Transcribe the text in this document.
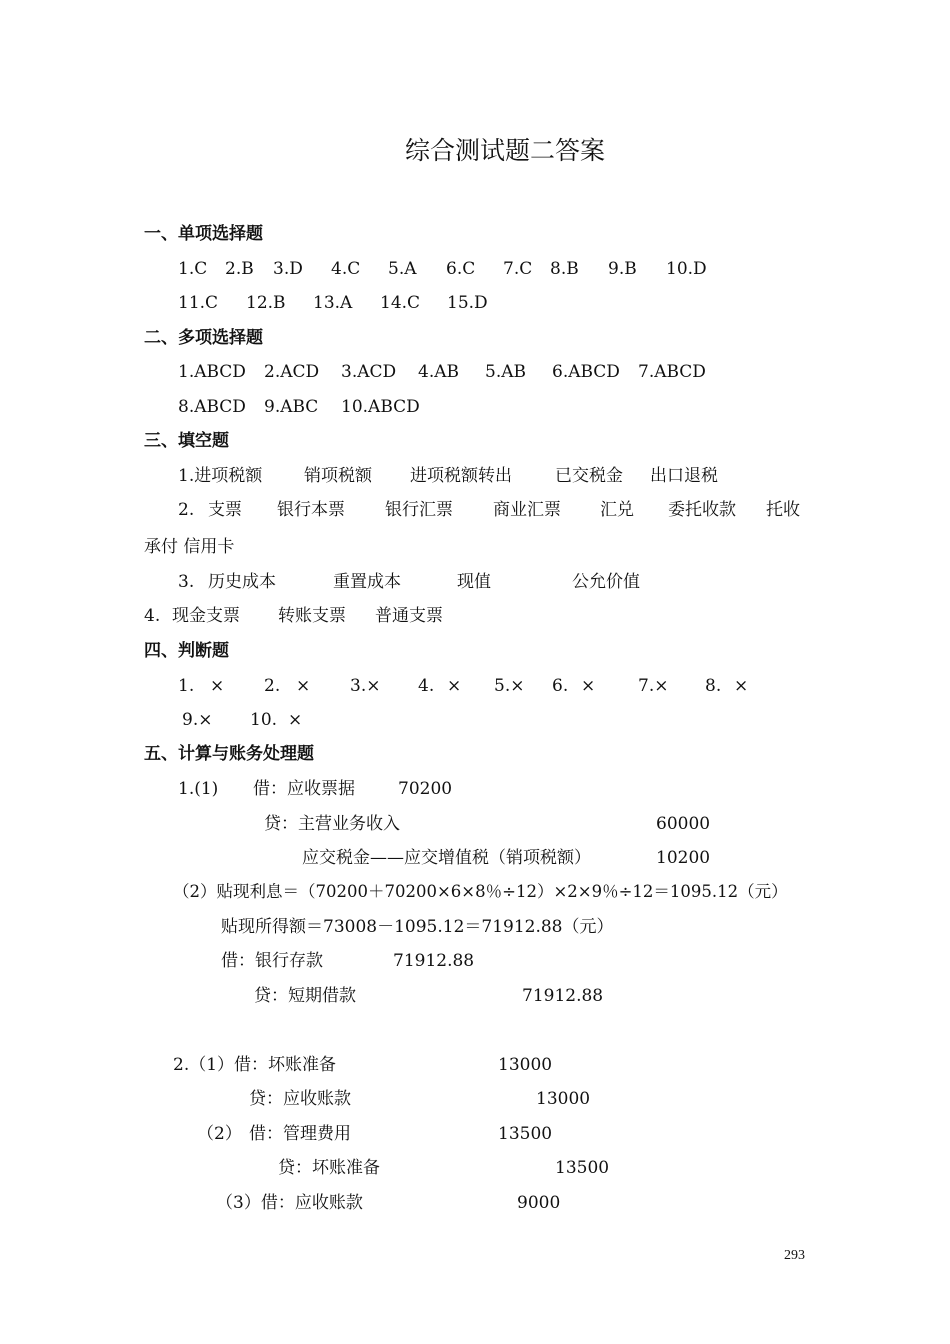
综合测试题二答案
一、单项选择题
1.C 2.B 3.D 4.C 5.A 6.C 7.C 8.B 9.B 10.D
11.C 12.B 13.A 14.C 15.D
二、多项选择题
1.ABCD 2.ACD 3.ACD 4.AB 5.AB 6.ABCD 7.ABCD
8.ABCD 9.ABC 10.ABCD
三、填空题
1.进项税额 销项税额 进项税额转出	已交税金 出口退税
2. 支票 银行本票 银行汇票 商业汇票 汇兑 委托收款 托收
承付 信用卡
3. 历史成本	重置成本	现值	公允价值
4. 现金支票 转账支票 普通支票
四、判断题
1. × 2. × 3.× 4. × 5.× 6. ×	7.× 8. ×
9.× 10. ×
五、计算与账务处理题
1.(1) 借：应收票据	70200
贷：主营业务收入	60000
应交税金——应交增值税（销项税额）	10200
（2）贴现利息＝（70200＋70200×6×8％÷12）×2×9％÷12＝1095.12（元）
贴现所得额＝73008－1095.12＝71912.88（元）
借：银行存款	71912.88
贷：短期借款	71912.88
2.（1）借：坏账准备	13000
贷：应收账款	13000
（2） 借：管理费用	13500
贷：坏账准备	13500
（3）借：应收账款	9000
293
